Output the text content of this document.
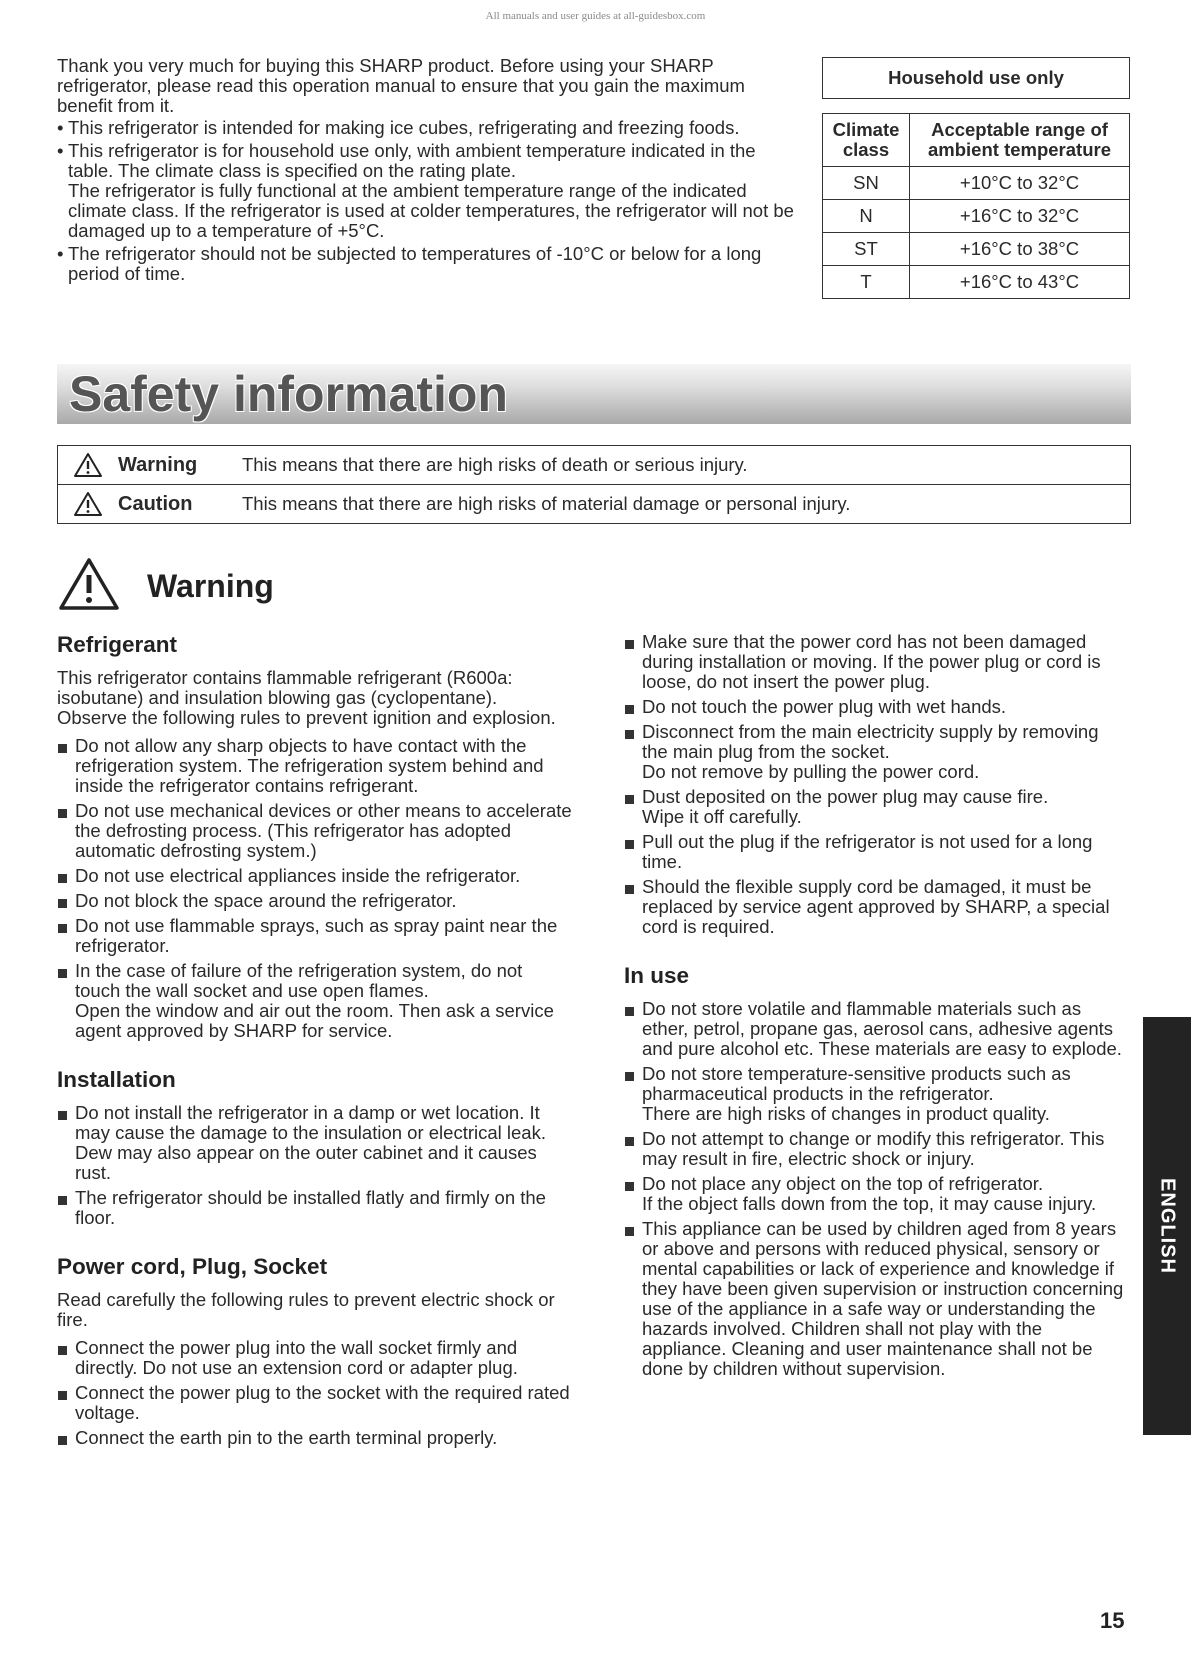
All manuals and user guides at all-guidesbox.com

Thank you very much for buying this SHARP product. Before using your SHARP refrigerator, please read this operation manual to ensure that you gain the maximum benefit from it.

• This refrigerator is intended for making ice cubes, refrigerating and freezing foods.
• This refrigerator is for household use only, with ambient temperature indicated in the table. The climate class is specified on the rating plate.
The refrigerator is fully functional at the ambient temperature range of the indicated climate class. If the refrigerator is used at colder temperatures, the refrigerator will not be damaged up to a temperature of +5°C.
• The refrigerator should not be subjected to temperatures of -10°C or below for a long period of time.
Household use only
Climate class	Acceptable range of ambient temperature
SN	+10°C to 32°C
N	+16°C to 32°C
ST	+16°C to 38°C
T	+16°C to 43°C
Safety information
Warning	This means that there are high risks of death or serious injury.
Caution	This means that there are high risks of material damage or personal injury.
Warning
Refrigerant

This refrigerator contains flammable refrigerant (R600a: isobutane) and insulation blowing gas (cyclopentane). Observe the following rules to prevent ignition and explosion.

Do not allow any sharp objects to have contact with the refrigeration system. The refrigeration system behind and inside the refrigerator contains refrigerant.
Do not use mechanical devices or other means to accelerate the defrosting process. (This refrigerator has adopted automatic defrosting system.)
Do not use electrical appliances inside the refrigerator.
Do not block the space around the refrigerator.
Do not use flammable sprays, such as spray paint near the refrigerator.
In the case of failure of the refrigeration system, do not touch the wall socket and use open flames.
Open the window and air out the room. Then ask a service agent approved by SHARP for service.
Installation
Do not install the refrigerator in a damp or wet location. It may cause the damage to the insulation or electrical leak. Dew may also appear on the outer cabinet and it causes rust.
The refrigerator should be installed flatly and firmly on the floor.
Power cord, Plug, Socket

Read carefully the following rules to prevent electric shock or fire.

Connect the power plug into the wall socket firmly and directly. Do not use an extension cord or adapter plug.
Connect the power plug to the socket with the required rated voltage.
Connect the earth pin to the earth terminal properly.
Make sure that the power cord has not been damaged during installation or moving. If the power plug or cord is loose, do not insert the power plug.
Do not touch the power plug with wet hands.
Disconnect from the main electricity supply by removing the main plug from the socket.
Do not remove by pulling the power cord.
Dust deposited on the power plug may cause fire.
Wipe it off carefully.
Pull out the plug if the refrigerator is not used for a long time.
Should the flexible supply cord be damaged, it must be replaced by service agent approved by SHARP, a special cord is required.
In use
Do not store volatile and flammable materials such as ether, petrol, propane gas, aerosol cans, adhesive agents and pure alcohol etc. These materials are easy to explode.
Do not store temperature-sensitive products such as pharmaceutical products in the refrigerator.
There are high risks of changes in product quality.
Do not attempt to change or modify this refrigerator. This may result in fire, electric shock or injury.
Do not place any object on the top of refrigerator.
If the object falls down from the top, it may cause injury.
This appliance can be used by children aged from 8 years or above and persons with reduced physical, sensory or mental capabilities or lack of experience and knowledge if they have been given supervision or instruction concerning use of the appliance in a safe way or understanding the hazards involved. Children shall not play with the appliance. Cleaning and user maintenance shall not be done by children without supervision.
ENGLISH
15
